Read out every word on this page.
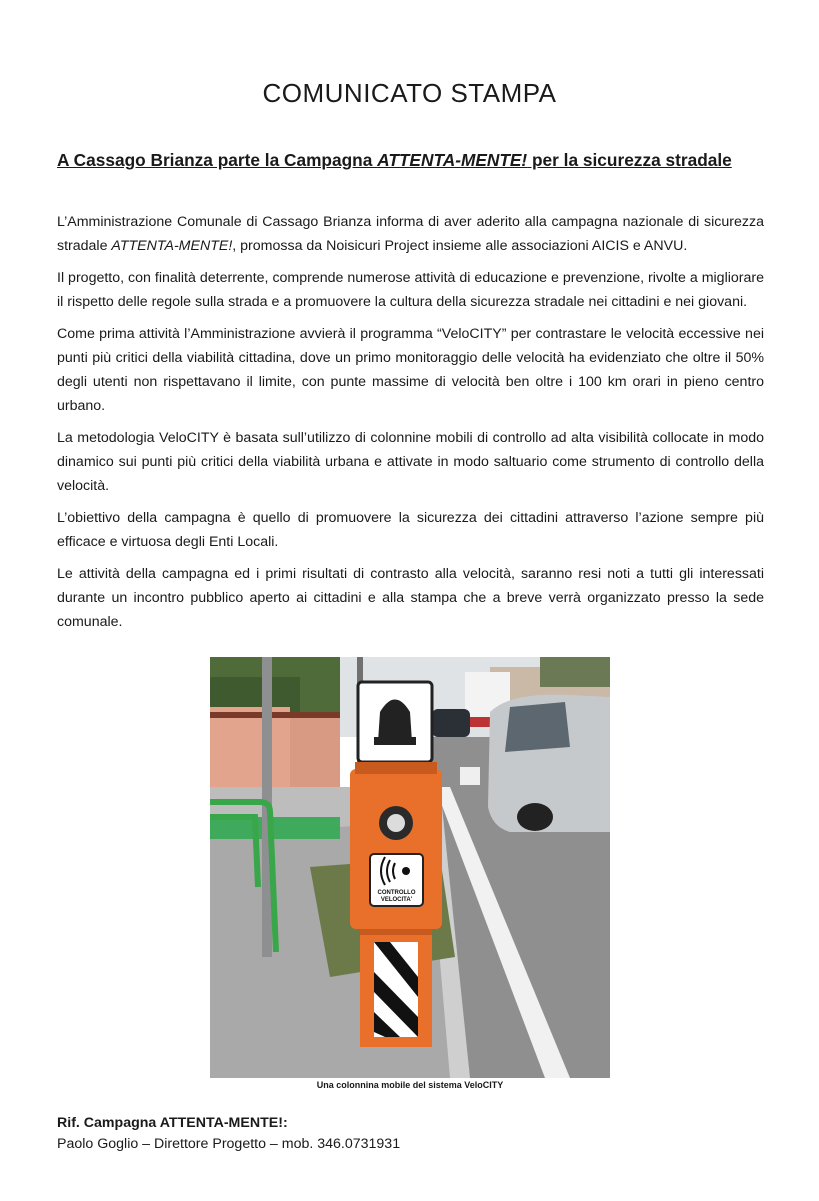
COMUNICATO STAMPA
A Cassago Brianza parte la Campagna ATTENTA-MENTE! per la sicurezza stradale

L’Amministrazione Comunale di Cassago Brianza informa di aver aderito alla campagna nazionale di sicurezza stradale ATTENTA-MENTE!, promossa da Noisicuri Project insieme alle associazioni AICIS e ANVU.

Il progetto, con finalità deterrente, comprende numerose attività di educazione e prevenzione, rivolte a migliorare il rispetto delle regole sulla strada e a promuovere la cultura della sicurezza stradale nei cittadini e nei giovani.

Come prima attività l’Amministrazione avvierà il programma “VeloCITY” per contrastare le velocità eccessive nei punti più critici della viabilità cittadina, dove un primo monitoraggio delle velocità ha evidenziato che oltre il 50% degli utenti non rispettavano il limite, con punte massime di velocità ben oltre i 100 km orari in pieno centro urbano.

La metodologia VeloCITY è basata sull’utilizzo di colonnine mobili di controllo ad alta visibilità collocate in modo dinamico sui punti più critici della viabilità urbana e attivate in modo saltuario come strumento di controllo della velocità.

L’obiettivo della campagna è quello di promuovere la sicurezza dei cittadini attraverso l’azione sempre più efficace e virtuosa degli Enti Locali.

Le attività della campagna ed i primi risultati di contrasto alla velocità, saranno resi noti a tutti gli interessati durante un incontro pubblico aperto ai cittadini e alla stampa che a breve verrà organizzato presso la sede comunale.

CONTROLLO
VELOCITA'
Una colonnina mobile del sistema VeloCITY
Rif. Campagna ATTENTA-MENTE!:
Paolo Goglio – Direttore Progetto – mob. 346.0731931
